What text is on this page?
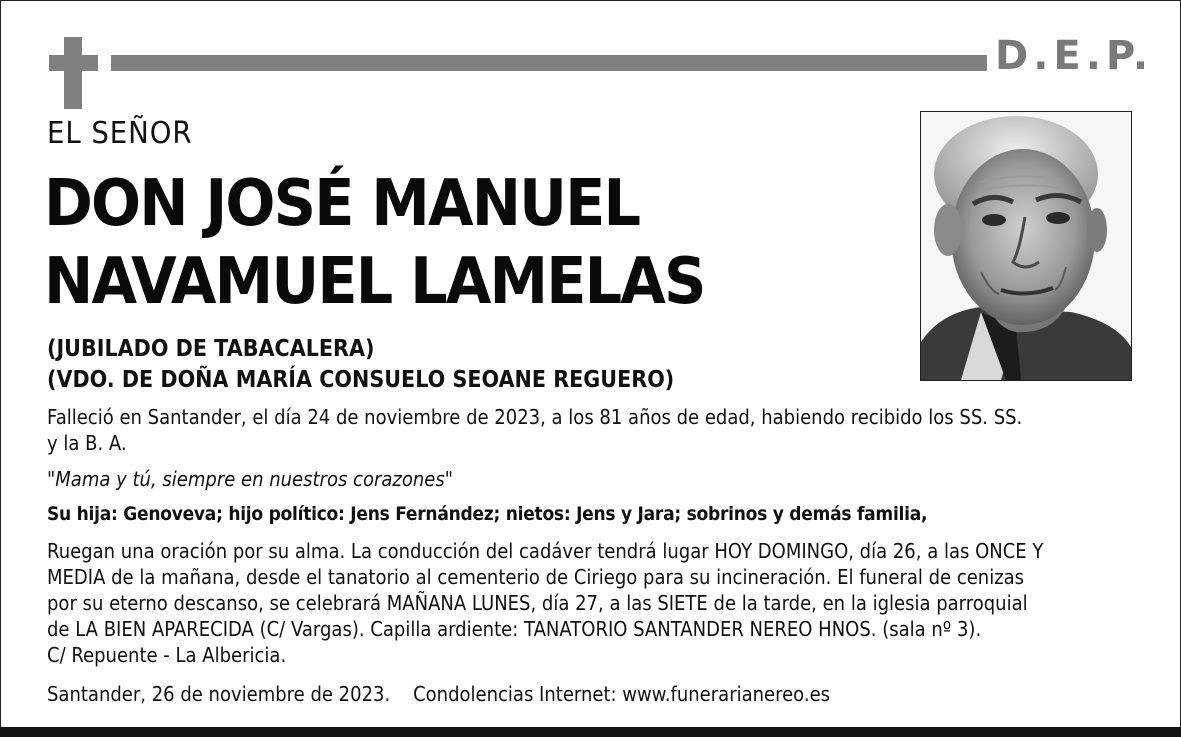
D.E.P.
EL SEÑOR
DON JOSÉ MANUEL
NAVAMUEL LAMELAS
(JUBILADO DE TABACALERA)
(VDO. DE DOÑA MARÍA CONSUELO SEOANE REGUERO)
Falleció en Santander, el día 24 de noviembre de 2023, a los 81 años de edad, habiendo recibido los SS. SS.
y la B. A.
"Mama y tú, siempre en nuestros corazones"
Su hija: Genoveva; hijo político: Jens Fernández; nietos: Jens y Jara; sobrinos y demás familia,
Ruegan una oración por su alma. La conducción del cadáver tendrá lugar HOY DOMINGO, día 26, a las ONCE Y
MEDIA de la mañana, desde el tanatorio al cementerio de Ciriego para su incineración. El funeral de cenizas
por su eterno descanso, se celebrará MAÑANA LUNES, día 27, a las SIETE de la tarde, en la iglesia parroquial
de LA BIEN APARECIDA (C/ Vargas). Capilla ardiente: TANATORIO SANTANDER NEREO HNOS. (sala nº 3).
C/ Repuente - La Albericia.
Santander, 26 de noviembre de 2023.    Condolencias Internet: www.funerarianereo.es
